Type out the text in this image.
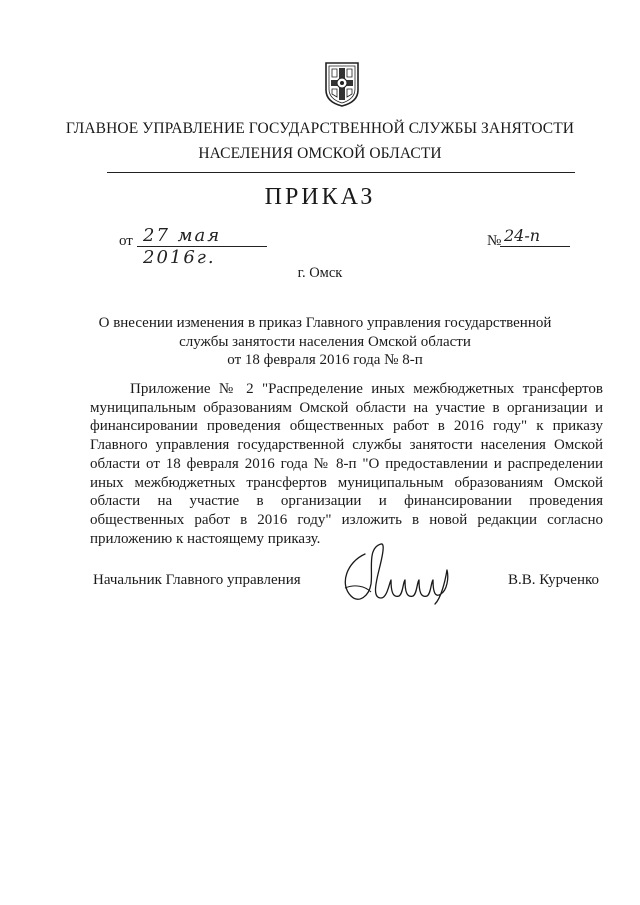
ГЛАВНОЕ УПРАВЛЕНИЕ ГОСУДАРСТВЕННОЙ СЛУЖБЫ ЗАНЯТОСТИ
НАСЕЛЕНИЯ ОМСКОЙ ОБЛАСТИ
ПРИКАЗ
от 27 мая 2016г.
№ 24-п
г. Омск
О внесении изменения в приказ Главного управления государственной
службы занятости населения Омской области
от 18 февраля 2016 года № 8-п
Приложение № 2 "Распределение иных межбюджетных трансфертов
муниципальным образованиям Омской области на участие в организации и
финансировании проведения общественных работ в 2016 году" к приказу
Главного управления государственной службы занятости населения Омской
области от 18 февраля 2016 года № 8-п "О предоставлении и распределении
иных межбюджетных трансфертов муниципальным образованиям Омской
области на участие в организации и финансировании проведения
общественных работ в 2016 году" изложить в новой редакции согласно
приложению к настоящему приказу.
Начальник Главного управления	В.В. Курченко
